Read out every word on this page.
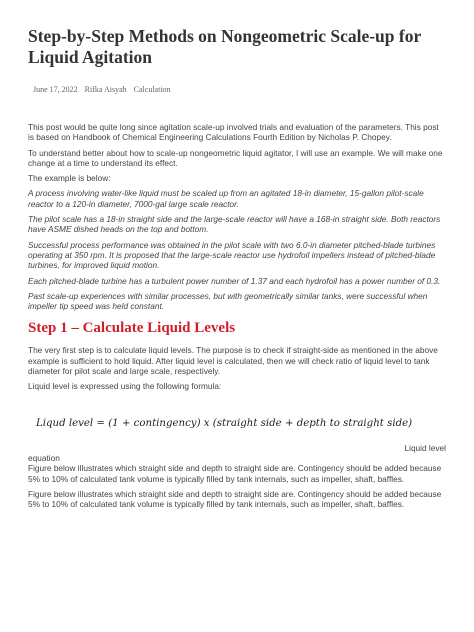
Step-by-Step Methods on Nongeometric Scale-up for Liquid Agitation
June 17, 2022 Rifka Aisyah Calculation

This post would be quite long since agitation scale-up involved trials and evaluation of the parameters. This post is based on Handbook of Chemical Engineering Calculations Fourth Edition by Nicholas P. Chopey.

To understand better about how to scale-up nongeometric liquid agitator, I will use an example. We will make one change at a time to understand its effect.

The example is below:

A process involving water-like liquid must be scaled up from an agitated 18-in diameter, 15-gallon pilot-scale reactor to a 120-in diameter, 7000-gal large scale reactor.

The pilot scale has a 18-in straight side and the large-scale reactor will have a 168-in straight side. Both reactors have ASME dished heads on the top and bottom.

Successful process performance was obtained in the pilot scale with two 6.0-in diameter pitched-blade turbines operating at 350 rpm. It is proposed that the large-scale reactor use hydrofoil impellers instead of pitched-blade turbines, for improved liquid motion.

Each pitched-blade turbine has a turbulent power number of 1.37 and each hydrofoil has a power number of 0.3.

Past scale-up experiences with similar processes, but with geometrically similar tanks, were successful when impeller tip speed was held constant.

Step 1 – Calculate Liquid Levels

The very first step is to calculate liquid levels. The purpose is to check if straight-side as mentioned in the above example is sufficient to hold liquid. After liquid level is calculated, then we will check ratio of liquid level to tank diameter for pilot scale and large scale, respectively.

Liquid level is expressed using the following formula:

Liqud level = (1 + contingency) x (straight side + depth to straight side)
Liquid level
equation

Figure below illustrates which straight side and depth to straight side are. Contingency should be added because 5% to 10% of calculated tank volume is typically filled by tank internals, such as impeller, shaft, baffles.

Figure below illustrates which straight side and depth to straight side are. Contingency should be added because 5% to 10% of calculated tank volume is typically filled by tank internals, such as impeller, shaft, baffles.
